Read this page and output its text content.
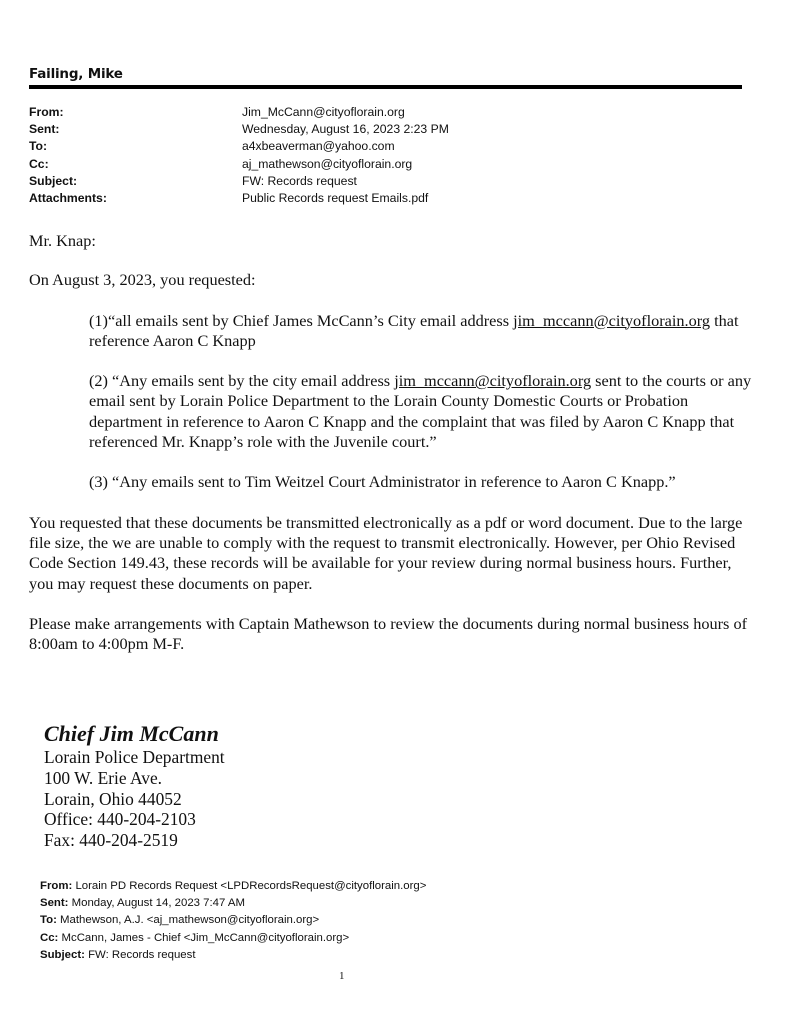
Failing, Mike
From:	Jim_McCann@cityoflorain.org
Sent:	Wednesday, August 16, 2023 2:23 PM
To:	a4xbeaverman@yahoo.com
Cc:	aj_mathewson@cityoflorain.org
Subject:	FW: Records request
Attachments:	Public Records request Emails.pdf

Mr. Knap:

On August 3, 2023, you requested:

(1)“all emails sent by Chief James McCann’s City email address jim_mccann@cityoflorain.org that reference Aaron C Knapp

(2) “Any emails sent by the city email address jim_mccann@cityoflorain.org sent to the courts or any email sent by Lorain Police Department to the Lorain County Domestic Courts or Probation department in reference to Aaron C Knapp and the complaint that was filed by Aaron C Knapp that referenced Mr. Knapp’s role with the Juvenile court.”

(3) “Any emails sent to Tim Weitzel Court Administrator in reference to Aaron C Knapp.”

You requested that these documents be transmitted electronically as a pdf or word document. Due to the large file size, the we are unable to comply with the request to transmit electronically. However, per Ohio Revised Code Section 149.43, these records will be available for your review during normal business hours. Further, you may request these documents on paper.

Please make arrangements with Captain Mathewson to review the documents during normal business hours of 8:00am to 4:00pm M-F.

Chief Jim McCann
Lorain Police Department
100 W. Erie Ave.
Lorain, Ohio 44052
Office: 440-204-2103
Fax: 440-204-2519
From: Lorain PD Records Request <LPDRecordsRequest@cityoflorain.org>
Sent: Monday, August 14, 2023 7:47 AM
To: Mathewson, A.J. <aj_mathewson@cityoflorain.org>
Cc: McCann, James - Chief <Jim_McCann@cityoflorain.org>
Subject: FW: Records request
1
